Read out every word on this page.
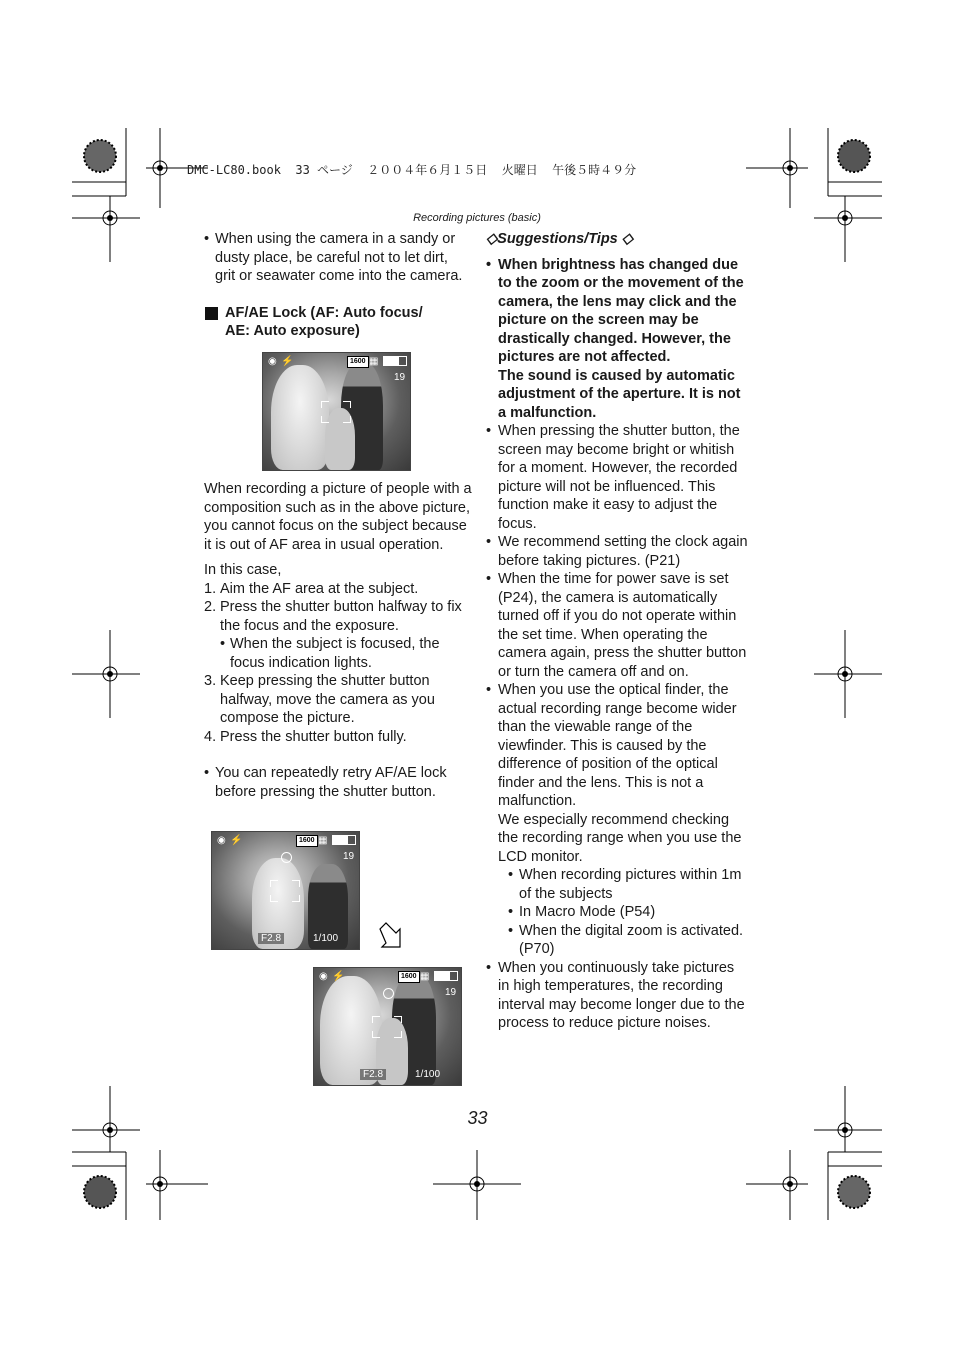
DMC-LC80.book  33 ページ  ２００４年６月１５日  火曜日  午後５時４９分
Recording pictures (basic)
• When using the camera in a sandy or dusty place, be careful not to let dirt, grit or seawater come into the camera.
AF/AE Lock (AF: Auto focus/
AE: Auto exposure)
◉ ⚡	1600 ▦
19
When recording a picture of people with a composition such as in the above picture, you cannot focus on the subject because it is out of AF area in usual operation.
In this case,
1. Aim the AF area at the subject.
2. Press the shutter button halfway to fix the focus and the exposure.
• When the subject is focused, the focus indication lights.
3. Keep pressing the shutter button halfway, move the camera as you compose the picture.
4. Press the shutter button fully.
• You can repeatedly retry AF/AE lock before pressing the shutter button.
◉ ⚡	1600 ▦
19
F2.8	1/100
◉ ⚡	1600 ▦
19
F2.8	1/100
◇Suggestions/Tips ◇
• When brightness has changed due to the zoom or the movement of the camera, the lens may click and the picture on the screen may be drastically changed. However, the pictures are not affected.
The sound is caused by automatic adjustment of the aperture. It is not a malfunction.
• When pressing the shutter button, the screen may become bright or whitish for a moment. However, the recorded picture will not be influenced. This function make it easy to adjust the focus.
• We recommend setting the clock again before taking pictures. (P21)
• When the time for power save is set (P24), the camera is automatically turned off if you do not operate within the set time. When operating the camera again, press the shutter button or turn the camera off and on.
• When you use the optical finder, the actual recording range become wider than the viewable range of the viewfinder. This is caused by the difference of position of the optical finder and the lens. This is not a malfunction.
We especially recommend checking the recording range when you use the LCD monitor.
• When recording pictures within 1m of the subjects
• In Macro Mode (P54)
• When the digital zoom is activated. (P70)
• When you continuously take pictures in high temperatures, the recording interval may become longer due to the process to reduce picture noises.
33
